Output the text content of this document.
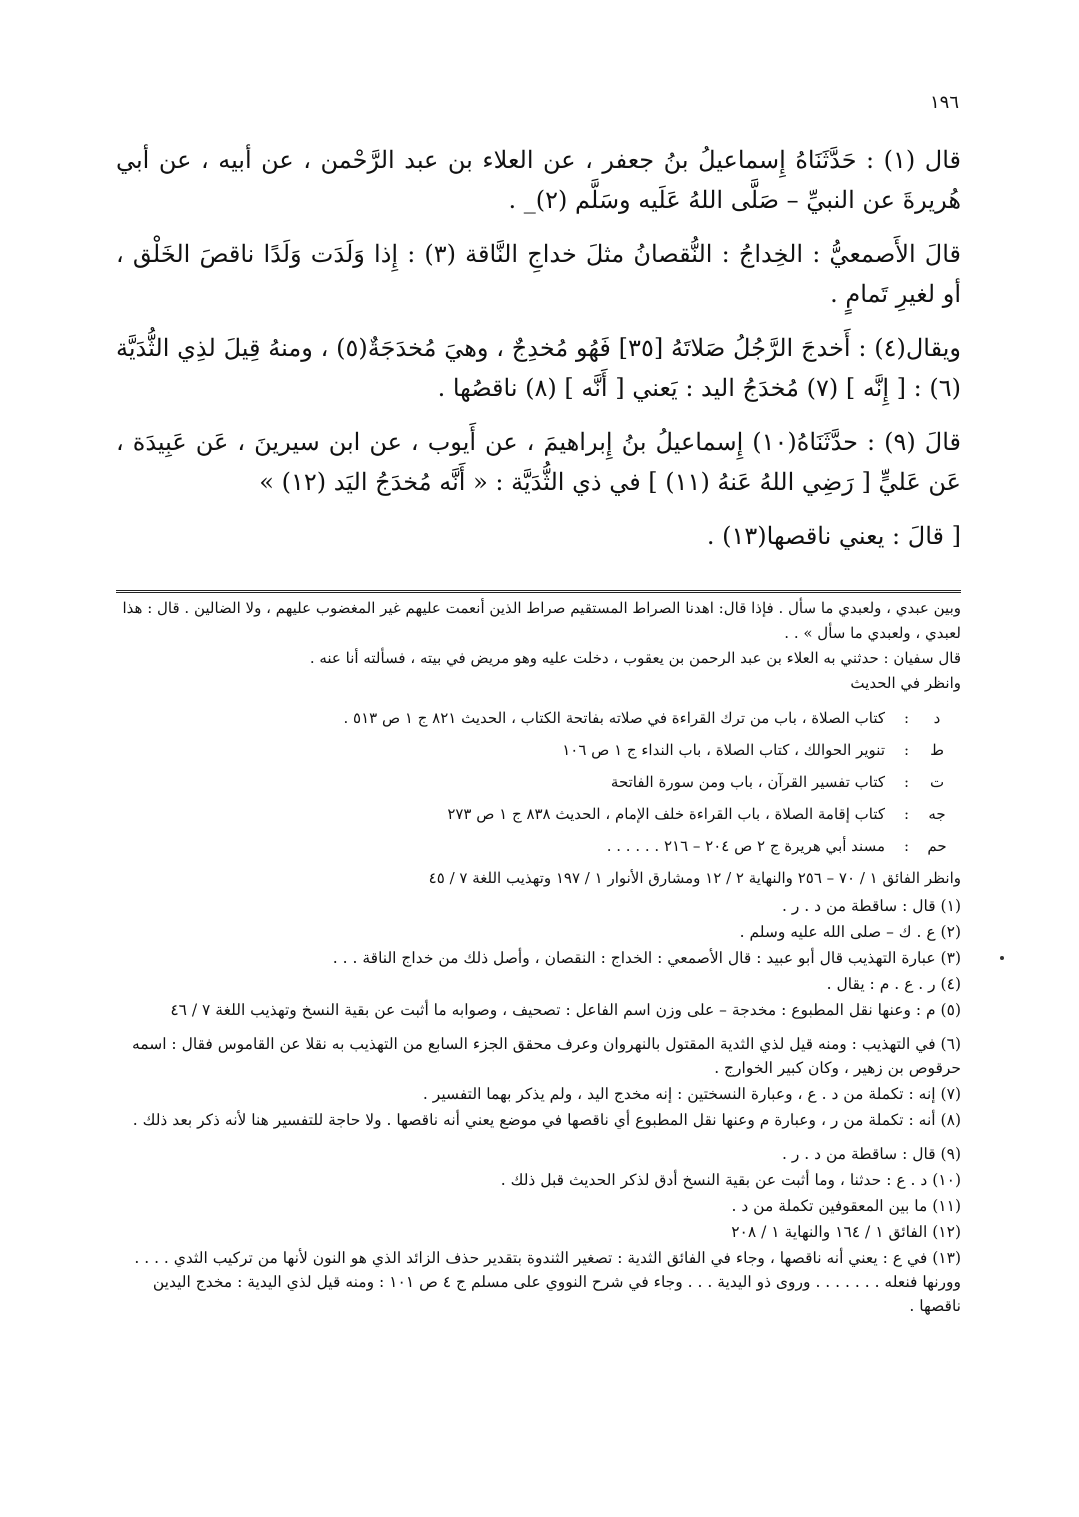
١٩٦

قال (١) : حَدَّثَنَاهُ إِسماعيلُ بنُ جعفر ، عن العلاء بن عبد الرَّحْمن ، عن أبيه ، عن أبي هُريرةَ عن النبيِّ – صَلَّى اللهُ عَلَيه وسَلَّم (٢)_ .

قالَ الأَصمعيُّ : الخِداجُ : النُّقصانُ مثلَ خداجِ النَّاقة (٣) : إِذا وَلَدَت وَلَدًا ناقصَ الخَلْق ، أو لغيرِ تَمامٍ .

ويقال(٤) : أَخدجَ الرَّجُلُ صَلاتَهُ [٣٥] فَهُو مُخدِجٌ ، وهيَ مُخدَجَةٌ(٥) ، ومنهُ قِيلَ لذِي الثُّدَيَّة (٦) : [ إِنَّه ] (٧) مُخدَجُ اليد : يَعني [ أَنَّه ] (٨) ناقصُها .

قالَ (٩) : حدَّثَنَاهُ(١٠) إِسماعيلُ بنُ إِبراهيمَ ، عن أَيوب ، عن ابن سيرينَ ، عَن عَبِيدَة ، عَن عَليٍّ [ رَضِي اللهُ عَنهُ (١١) ] في ذي الثُّدَيَّة : « أَنَّه مُخدَجُ اليَد (١٢) »

[ قالَ : يعني ناقصها(١٣) .

وبين عبدي ، ولعبدي ما سأل . فإذا قال: اهدنا الصراط المستقيم صراط الذين أنعمت عليهم غير المغضوب عليهم ، ولا الضالين . قال : هذا لعبدي ، ولعبدي ما سأل » . .

قال سفيان : حدثني به العلاء بن عبد الرحمن بن يعقوب ، دخلت عليه وهو مريض في بيته ، فسألته أنا عنه .

وانظر في الحديث

د	:	كتاب الصلاة ، باب من ترك القراءة في صلاته بفاتحة الكتاب ، الحديث ٨٢١ ج ١ ص ٥١٣ .
ط	:	تنوير الحوالك ، كتاب الصلاة ، باب النداء ج ١ ص ١٠٦
ت	:	كتاب تفسير القرآن ، باب ومن سورة الفاتحة
جه	:	كتاب إقامة الصلاة ، باب القراءة خلف الإمام ، الحديث ٨٣٨ ج ١ ص ٢٧٣
حم	:	مسند أبي هريرة ج ٢ ص ٢٠٤ – ٢١٦ . . . . . .

وانظر الفائق ١ / ٧٠ – ٢٥٦ والنهاية ٢ / ١٢ ومشارق الأنوار ١ / ١٩٧ وتهذيب اللغة ٧ / ٤٥

(١) قال : ساقطة من د . ر .

(٢) ع . ك – صلى الله عليه وسلم .

(٣) عبارة التهذيب قال أبو عبيد : قال الأصمعي : الخداج : النقصان ، وأصل ذلك من خداج الناقة . . .

(٤) ر . ع . م : يقال .

(٥) م : وعنها نقل المطبوع : مخدجة – على وزن اسم الفاعل : تصحيف ، وصوابه ما أثبت عن بقية النسخ وتهذيب اللغة ٧ / ٤٦

(٦) في التهذيب : ومنه قيل لذي الثدية المقتول بالنهروان وعرف محقق الجزء السابع من التهذيب به نقلا عن القاموس فقال : اسمه حرقوص بن زهير ، وكان كبير الخوارج .

(٧) إنه : تكملة من د . ع ، وعبارة النسختين : إنه مخدج اليد ، ولم يذكر بهما التفسير .

(٨) أنه : تكملة من ر ، وعبارة م وعنها نقل المطبوع أي ناقصها في موضع يعني أنه ناقصها . ولا حاجة للتفسير هنا لأنه ذكر بعد ذلك .

(٩) قال : ساقطة من د . ر .

(١٠) د . ع : حدثنا ، وما أثبت عن بقية النسخ أدق لذكر الحديث قبل ذلك .

(١١) ما بين المعقوفين تكملة من د .

(١٢) الفائق ١ / ١٦٤ والنهاية ١ / ٢٠٨

(١٣) في ع : يعني أنه ناقصها ، وجاء في الفائق الثدية : تصغير الثندوة بتقدير حذف الزائد الذي هو النون لأنها من تركيب الثدي . . . . وورنها فنعله . . . . . . . وروى ذو اليدية . . . وجاء في شرح النووي على مسلم ج ٤ ص ١٠١ : ومنه قيل لذي اليدية : مخدج اليدين ناقصها .
